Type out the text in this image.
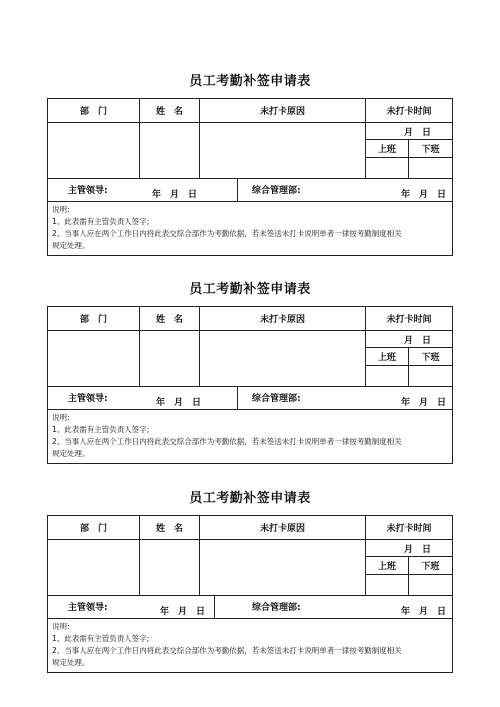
员工考勤补签申请表
部　门	姓　名	未打卡原因	未打卡时间
月　日
上班	下班
主管领导:	年　月　日	综合管理部:	年　月　日
说明:
1、此表需有主管负责人签字;
2、当事人应在两个工作日内将此表交综合部作为考勤依据，若未签送未打卡说明单者一律按考勤制度相关
规定处理。
员工考勤补签申请表
部　门	姓　名	未打卡原因	未打卡时间
月　日
上班	下班
主管领导:	年　月　日	综合管理部:	年　月　日
说明:
1、此表需有主管负责人签字;
2、当事人应在两个工作日内将此表交综合部作为考勤依据，若未签送未打卡说明单者一律按考勤制度相关
规定处理。
员工考勤补签申请表
部　门	姓　名	未打卡原因	未打卡时间
月　日
上班	下班
主管领导:	年　月　日	综合管理部:	年　月　日
说明:
1、此表需有主管负责人签字;
2、当事人应在两个工作日内将此表交综合部作为考勤依据，若未签送未打卡说明单者一律按考勤制度相关
规定处理。
